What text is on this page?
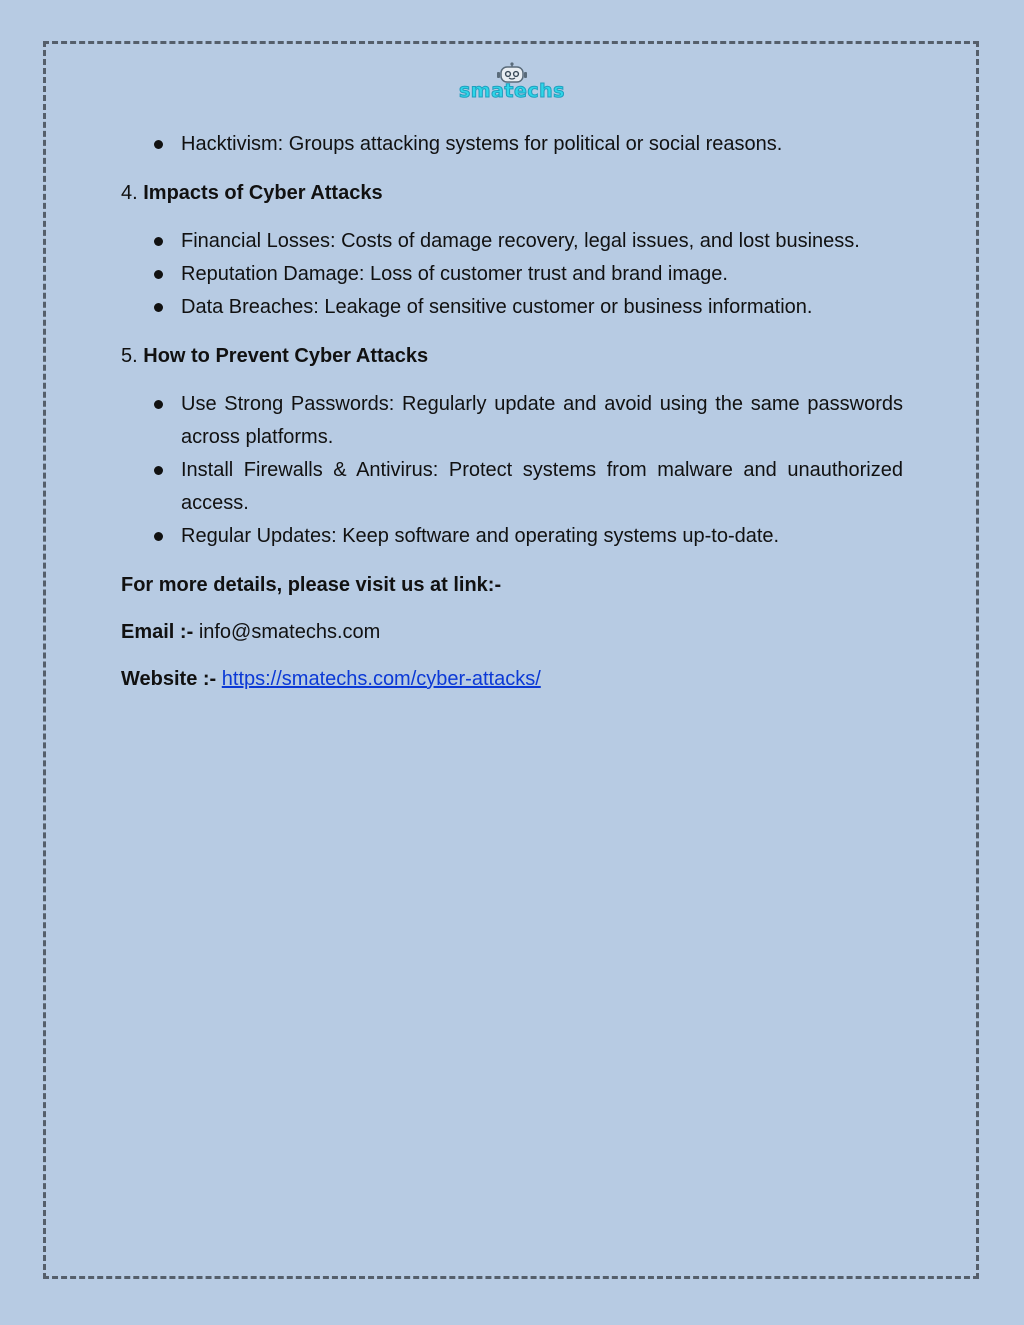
smatechs
Hacktivism: Groups attacking systems for political or social reasons.
4. Impacts of Cyber Attacks
Financial Losses: Costs of damage recovery, legal issues, and lost business.
Reputation Damage: Loss of customer trust and brand image.
Data Breaches: Leakage of sensitive customer or business information.
5. How to Prevent Cyber Attacks
Use Strong Passwords: Regularly update and avoid using the same passwords across platforms.
Install Firewalls & Antivirus: Protect systems from malware and unauthorized access.
Regular Updates: Keep software and operating systems up-to-date.
For more details, please visit us at link:-
Email :- info@smatechs.com
Website :- https://smatechs.com/cyber-attacks/
